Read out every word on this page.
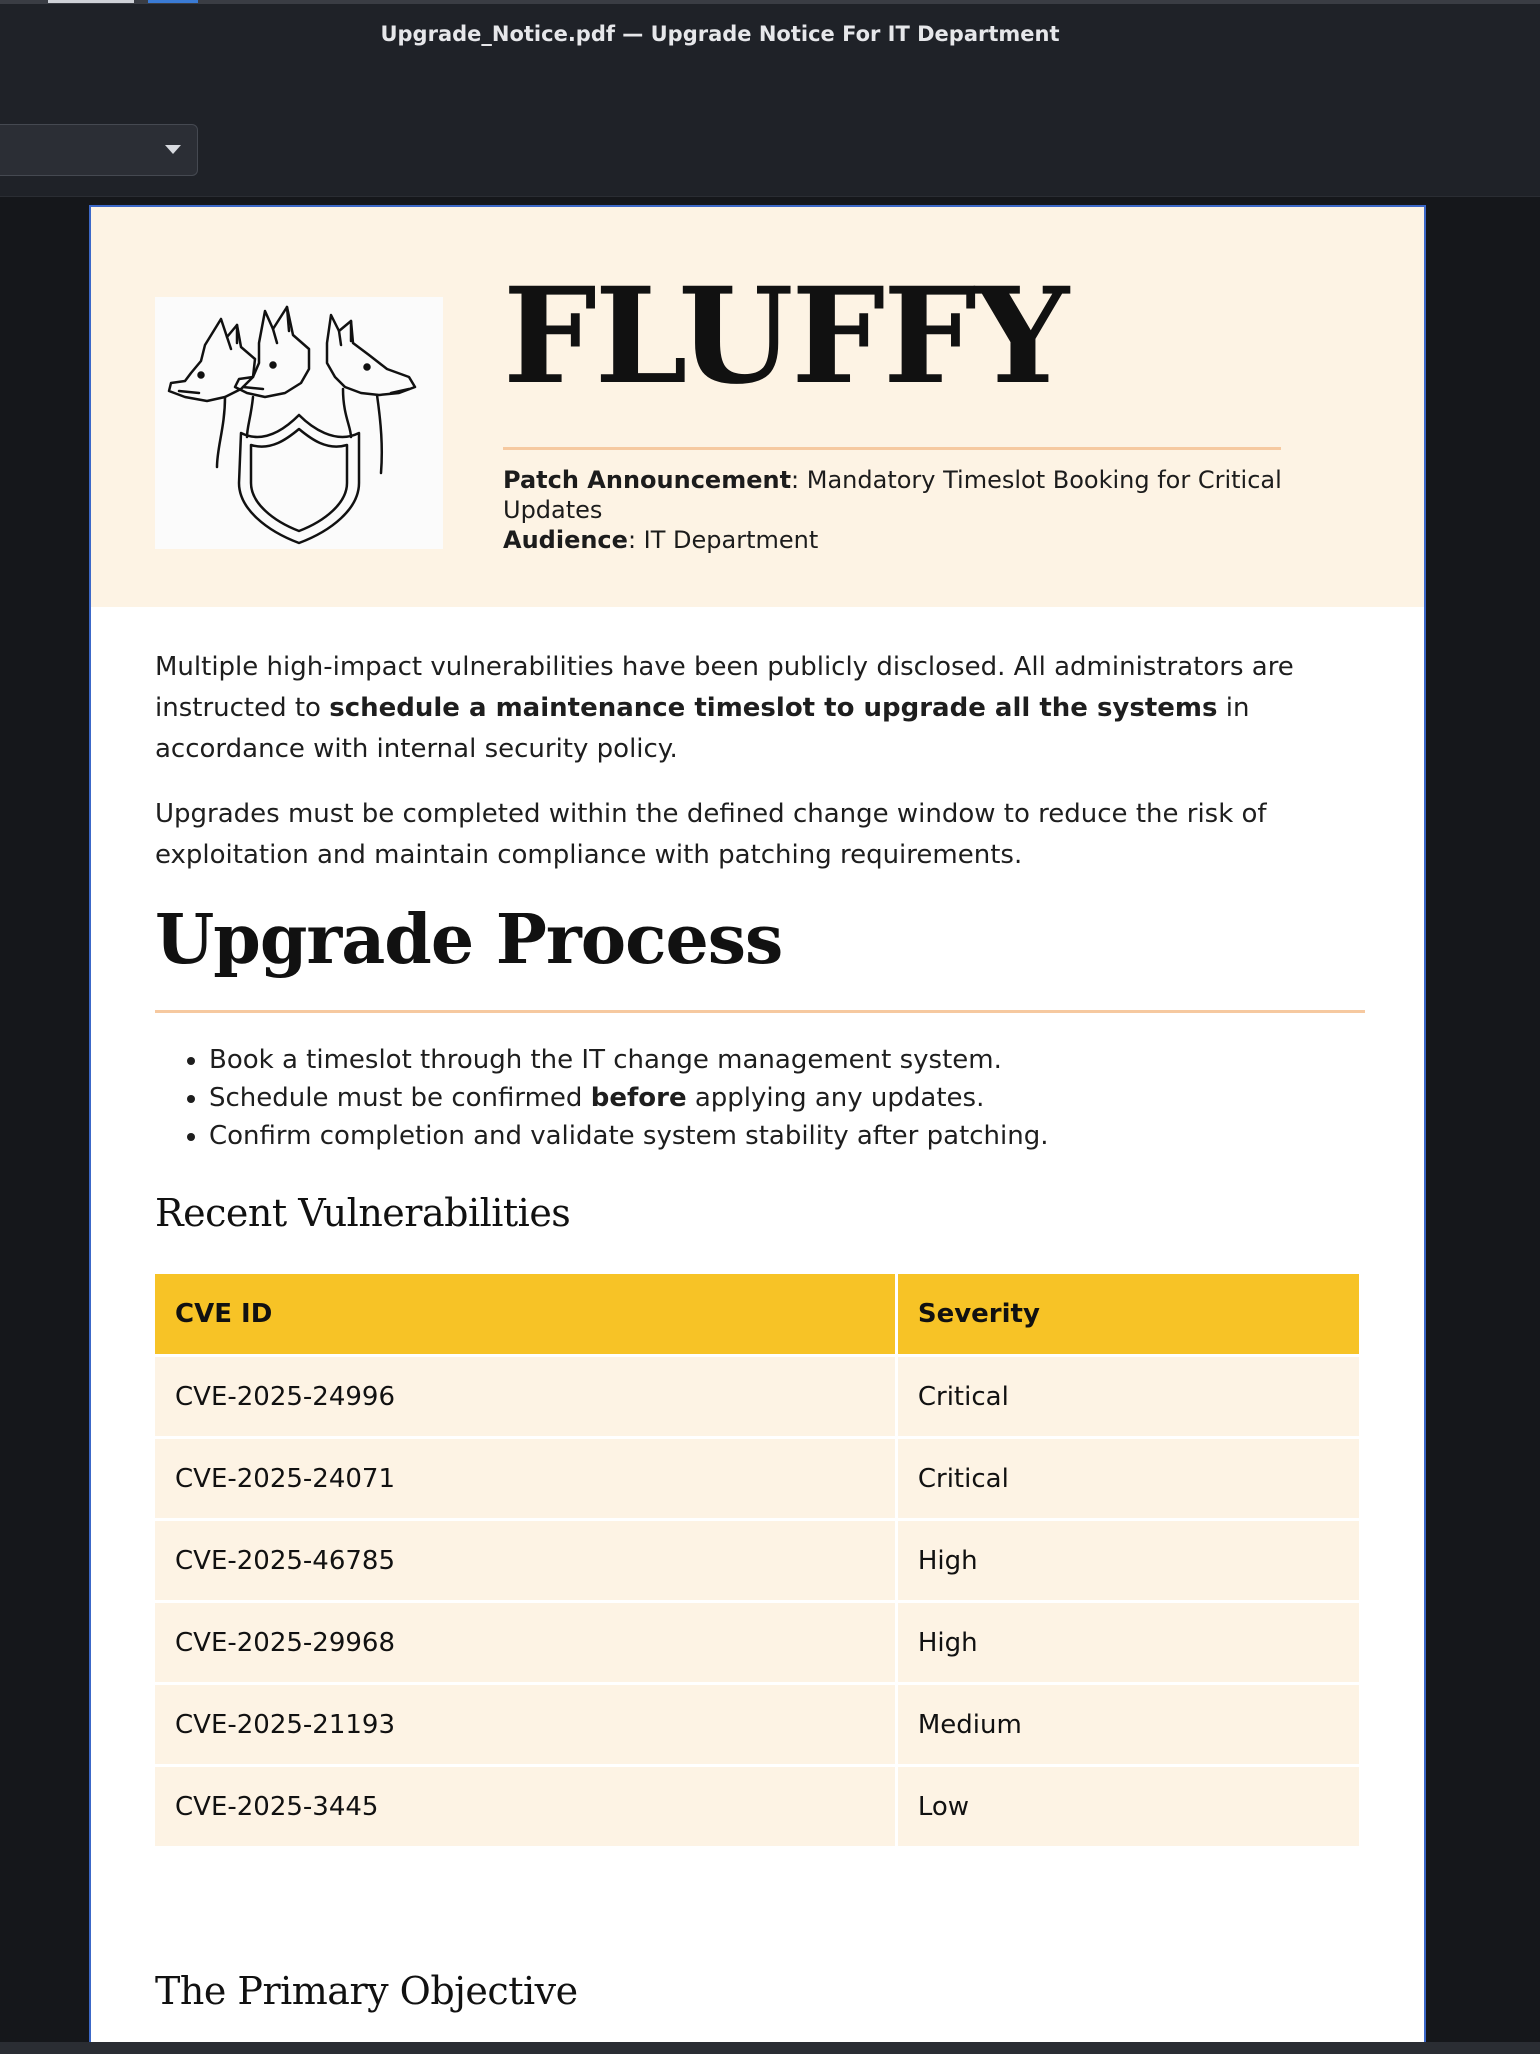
Upgrade_Notice.pdf — Upgrade Notice For IT Department
FLUFFY
Patch Announcement: Mandatory Timeslot Booking for Critical Updates
Audience: IT Department

Multiple high-impact vulnerabilities have been publicly disclosed. All administrators are instructed to schedule a maintenance timeslot to upgrade all the systems in accordance with internal security policy.

Upgrades must be completed within the defined change window to reduce the risk of exploitation and maintain compliance with patching requirements.

Upgrade Process
• Book a timeslot through the IT change management system.
• Schedule must be confirmed before applying any updates.
• Confirm completion and validate system stability after patching.
Recent Vulnerabilities
CVE ID	Severity
CVE-2025-24996	Critical
CVE-2025-24071	Critical
CVE-2025-46785	High
CVE-2025-29968	High
CVE-2025-21193	Medium
CVE-2025-3445	Low
The Primary Objective
